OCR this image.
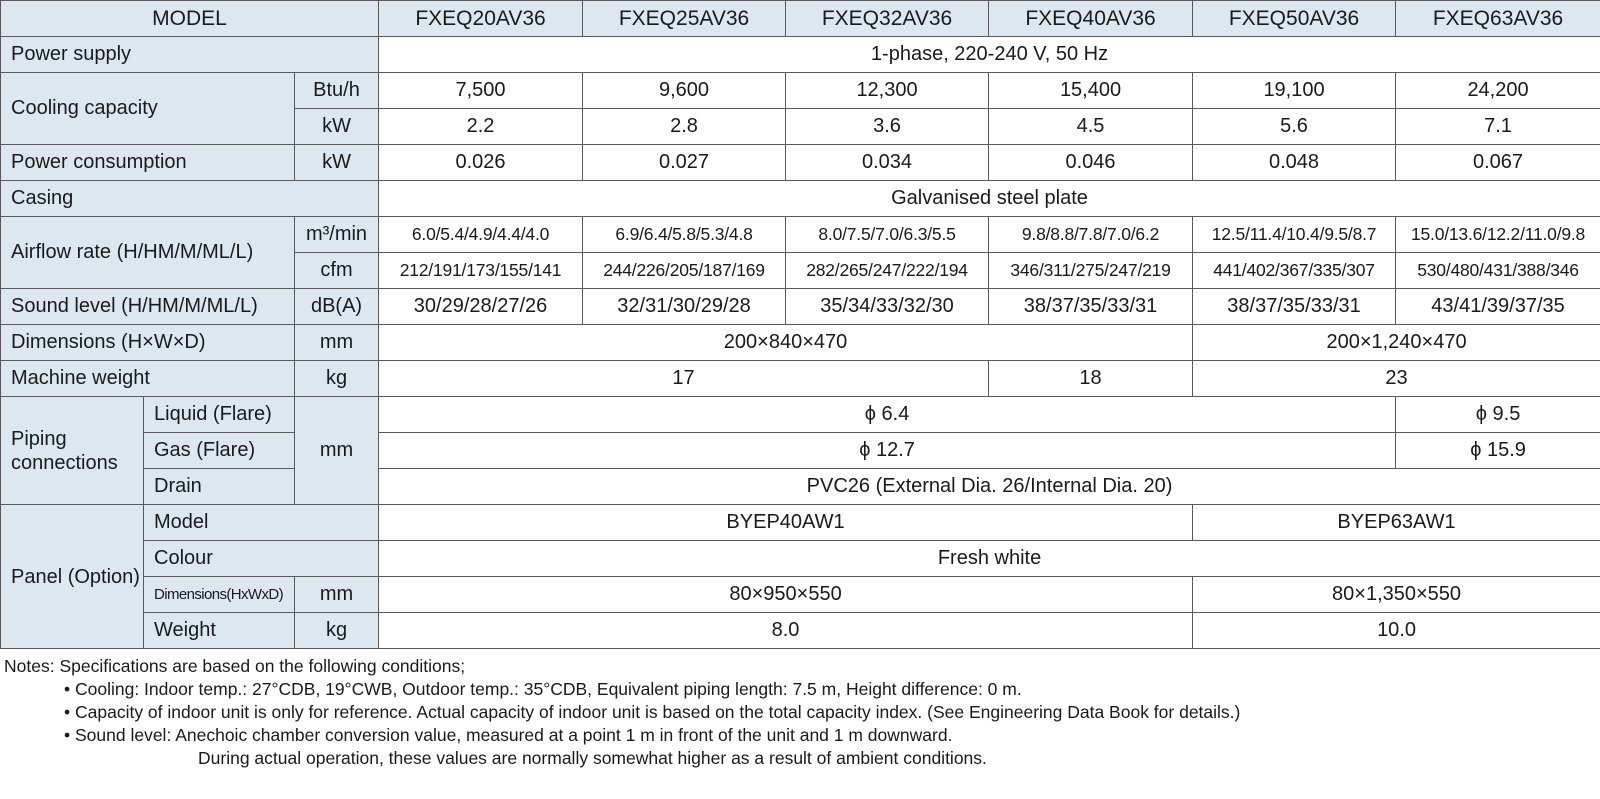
MODEL			FXEQ20AV36	FXEQ25AV36	FXEQ32AV36	FXEQ40AV36	FXEQ50AV36	FXEQ63AV36
Power supply			1-phase, 220-240 V, 50 Hz					
Cooling capacity		Btu/h	7,500	9,600	12,300	15,400	19,100	24,200
		kW	2.2	2.8	3.6	4.5	5.6	7.1
Power consumption		kW	0.026	0.027	0.034	0.046	0.048	0.067
Casing			Galvanised steel plate					
Airflow rate (H/HM/M/ML/L)		m³/min	6.0/5.4/4.9/4.4/4.0	6.9/6.4/5.8/5.3/4.8	8.0/7.5/7.0/6.3/5.5	9.8/8.8/7.8/7.0/6.2	12.5/11.4/10.4/9.5/8.7	15.0/13.6/12.2/11.0/9.8
		cfm	212/191/173/155/141	244/226/205/187/169	282/265/247/222/194	346/311/275/247/219	441/402/367/335/307	530/480/431/388/346
Sound level (H/HM/M/ML/L)		dB(A)	30/29/28/27/26	32/31/30/29/28	35/34/33/32/30	38/37/35/33/31	38/37/35/33/31	43/41/39/37/35
Dimensions (H×W×D)		mm	200×840×470				200×1,240×470	
Machine weight		kg	17			18	23	
Piping connections	Liquid (Flare)	mm	ϕ 6.4					ϕ 9.5
	Gas (Flare)		ϕ 12.7					ϕ 15.9
	Drain		PVC26 (External Dia. 26/Internal Dia. 20)					
Panel (Option)	Model		BYEP40AW1				BYEP63AW1	
	Colour		Fresh white					
	Dimensions(HxWxD)	mm	80×950×550				80×1,350×550	
	Weight	kg	8.0				10.0	
Notes: Specifications are based on the following conditions;
• Cooling: Indoor temp.: 27°CDB, 19°CWB, Outdoor temp.: 35°CDB, Equivalent piping length: 7.5 m, Height difference: 0 m.
• Capacity of indoor unit is only for reference. Actual capacity of indoor unit is based on the total capacity index. (See Engineering Data Book for details.)
• Sound level: Anechoic chamber conversion value, measured at a point 1 m in front of the unit and 1 m downward.
During actual operation, these values are normally somewhat higher as a result of ambient conditions.
